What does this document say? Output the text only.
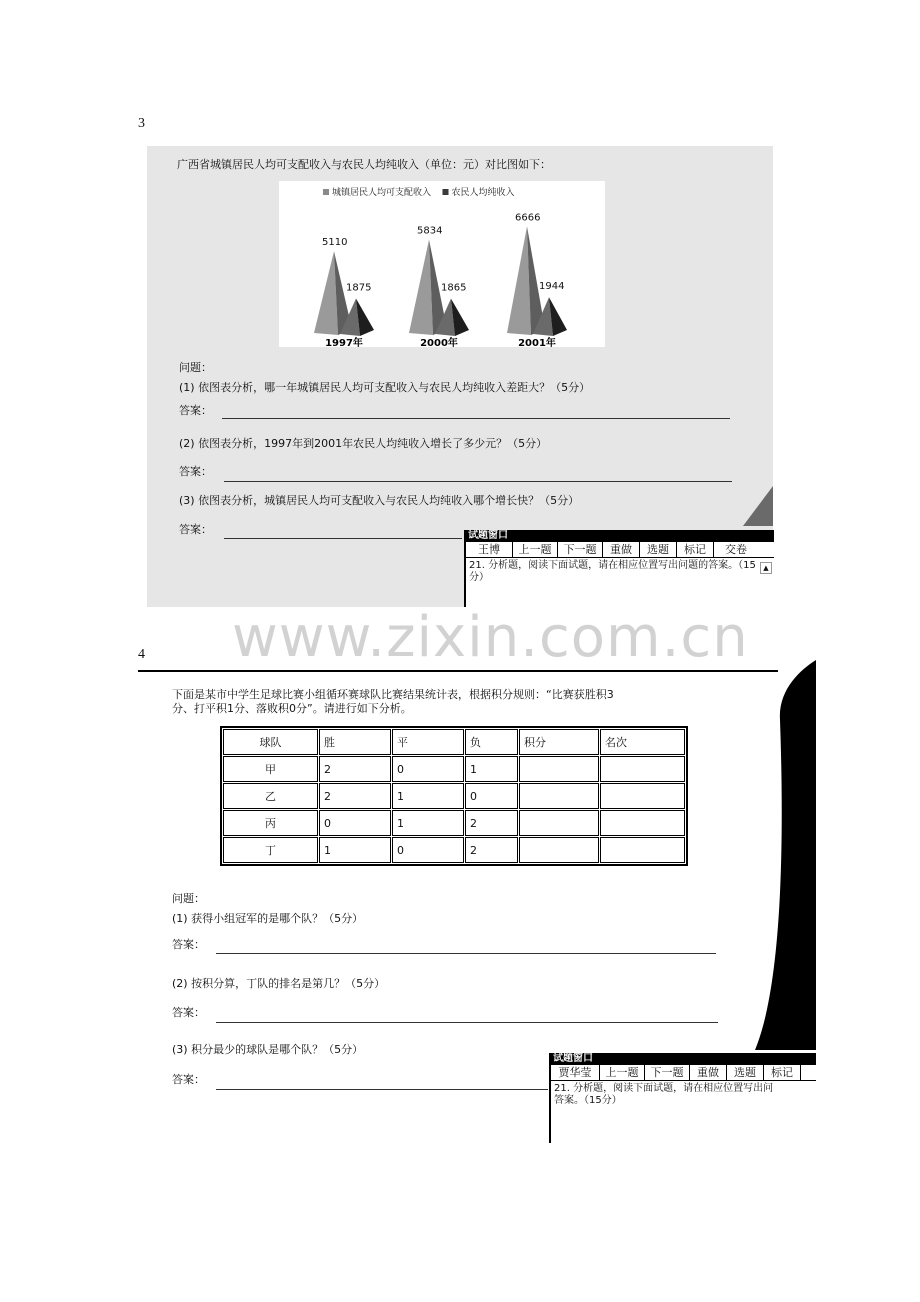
3
广西省城镇居民人均可支配收入与农民人均纯收入（单位：元）对比图如下：
城镇居民人均可支配收入 农民人均纯收入
5110
1875
1997年
5834
1865
2000年
6666
1944
2001年
问题：
(1) 依图表分析，哪一年城镇居民人均可支配收入与农民人均纯收入差距大？（5分）
答案：
(2) 依图表分析，1997年到2001年农民人均纯收入增长了多少元？（5分）
答案：
(3) 依图表分析，城镇居民人均可支配收入与农民人均纯收入哪个增长快？（5分）
答案：	试题窗口
王博	上一题	下一题	重做	选题	标记	交卷
21. 分析题，阅读下面试题，请在相应位置写出问题的答案。（15分）
▲
www.zixin.com.cn
4
下面是某市中学生足球比赛小组循环赛球队比赛结果统计表，根据积分规则：“比赛获胜积3
分、打平积1分、落败积0分”。请进行如下分析。
球队	胜	平	负	积分	名次
甲	2	0	1		
乙	2	1	0		
丙	0	1	2		
丁	1	0	2		
问题：
(1) 获得小组冠军的是哪个队？（5分）
答案：
(2) 按积分算，丁队的排名是第几？（5分）
答案：
(3) 积分最少的球队是哪个队？（5分）
答案：
试题窗口
贾华莹	上一题	下一题	重做	选题	标记
21. 分析题，阅读下面试题，请在相应位置写出问
答案。（15分）
